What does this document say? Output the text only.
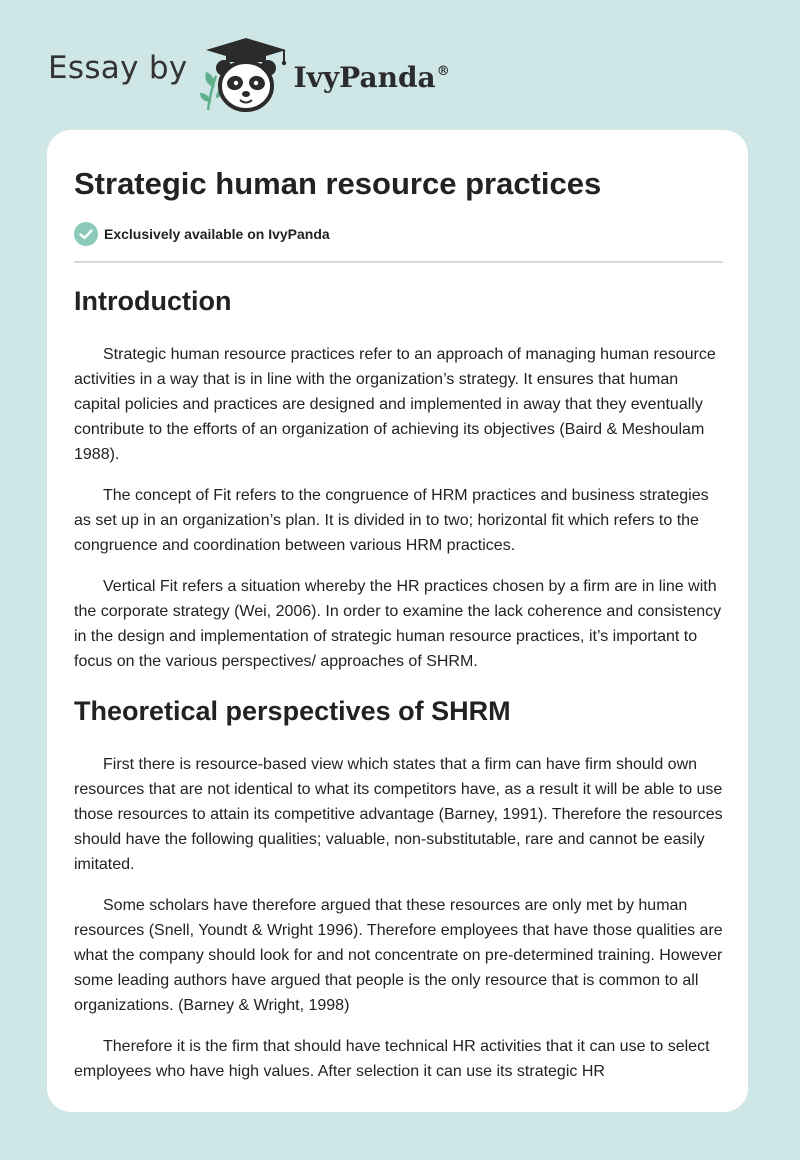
Essay by	IvyPanda®
Strategic human resource practices
Exclusively available on IvyPanda
Introduction

Strategic human resource practices refer to an approach of managing human resource activities in a way that is in line with the organization’s strategy. It ensures that human capital policies and practices are designed and implemented in away that they eventually contribute to the efforts of an organization of achieving its objectives (Baird & Meshoulam 1988).

The concept of Fit refers to the congruence of HRM practices and business strategies as set up in an organization’s plan. It is divided in to two; horizontal fit which refers to the congruence and coordination between various HRM practices.

Vertical Fit refers a situation whereby the HR practices chosen by a firm are in line with the corporate strategy (Wei, 2006). In order to examine the lack coherence and consistency in the design and implementation of strategic human resource practices, it’s important to focus on the various perspectives/ approaches of SHRM.

Theoretical perspectives of SHRM

First there is resource-based view which states that a firm can have firm should own resources that are not identical to what its competitors have, as a result it will be able to use those resources to attain its competitive advantage (Barney, 1991). Therefore the resources should have the following qualities; valuable, non-substitutable, rare and cannot be easily imitated.

Some scholars have therefore argued that these resources are only met by human resources (Snell, Youndt & Wright 1996). Therefore employees that have those qualities are what the company should look for and not concentrate on pre-determined training. However some leading authors have argued that people is the only resource that is common to all organizations. (Barney & Wright, 1998)

Therefore it is the firm that should have technical HR activities that it can use to select employees who have high values. After selection it can use its strategic HR
